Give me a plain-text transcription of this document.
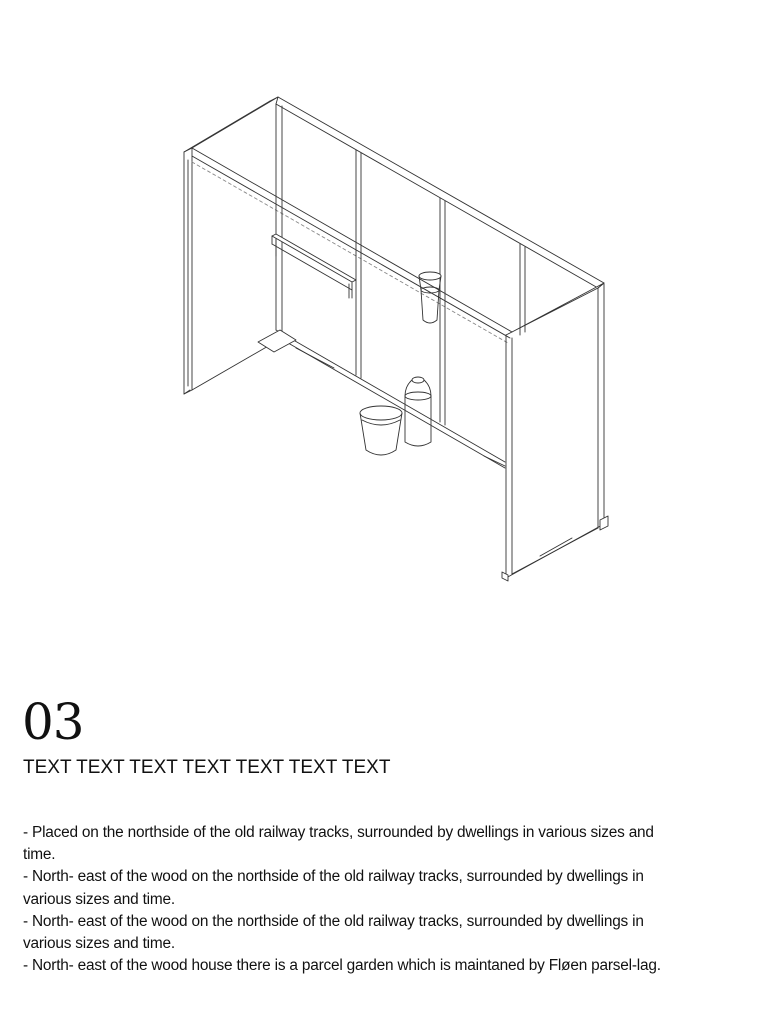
03
TEXT TEXT TEXT TEXT TEXT TEXT TEXT
- Placed on the northside of the old railway tracks, surrounded by dwellings in various sizes and time.
- North- east of the wood on the northside of the old railway tracks, surrounded by dwellings in various sizes and time.
- North- east of the wood on the northside of the old railway tracks, surrounded by dwellings in various sizes and time.
- North- east of the wood house there is a parcel garden which is maintaned by Fløen parsel-lag.
